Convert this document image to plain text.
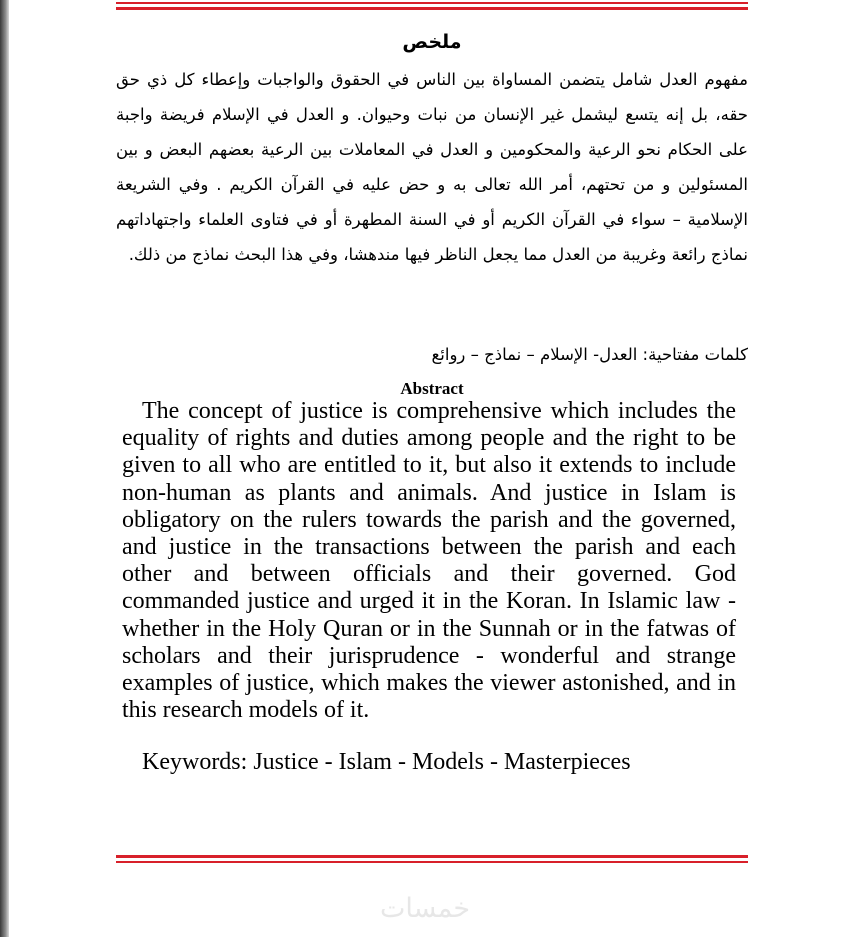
ملخص

مفهوم العدل شامل يتضمن المساواة بين الناس في الحقوق والواجبات وإعطاء كل ذي حق حقه، بل إنه يتسع ليشمل غير الإنسان من نبات وحيوان. و العدل في الإسلام فريضة واجبة على الحكام نحو الرعية والمحكومين و العدل في المعاملات بين الرعية بعضهم البعض و بين المسئولين و من تحتهم، أمر الله تعالى به و حض عليه في القرآن الكريم . وفي الشريعة الإسلامية – سواء في القرآن الكريم أو في السنة المطهرة أو في فتاوى العلماء واجتهاداتهم نماذج رائعة وغريبة من العدل مما يجعل الناظر فيها مندهشا، وفي هذا البحث نماذج من ذلك.

كلمات مفتاحية: العدل- الإسلام – نماذج – روائع

Abstract

The concept of justice is comprehensive which includes the equality of rights and duties among people and the right to be given to all who are entitled to it, but also it extends to include non-human as plants and animals. And justice in Islam is obligatory on the rulers towards the parish and the governed, and justice in the transactions between the parish and each other and between officials and their governed. God commanded justice and urged it in the Koran. In Islamic law - whether in the Holy Quran or in the Sunnah or in the fatwas of scholars and their jurisprudence - wonderful and strange examples of justice, which makes the viewer astonished, and in this research models of it.

Keywords: Justice - Islam - Models - Masterpieces

خمسات
